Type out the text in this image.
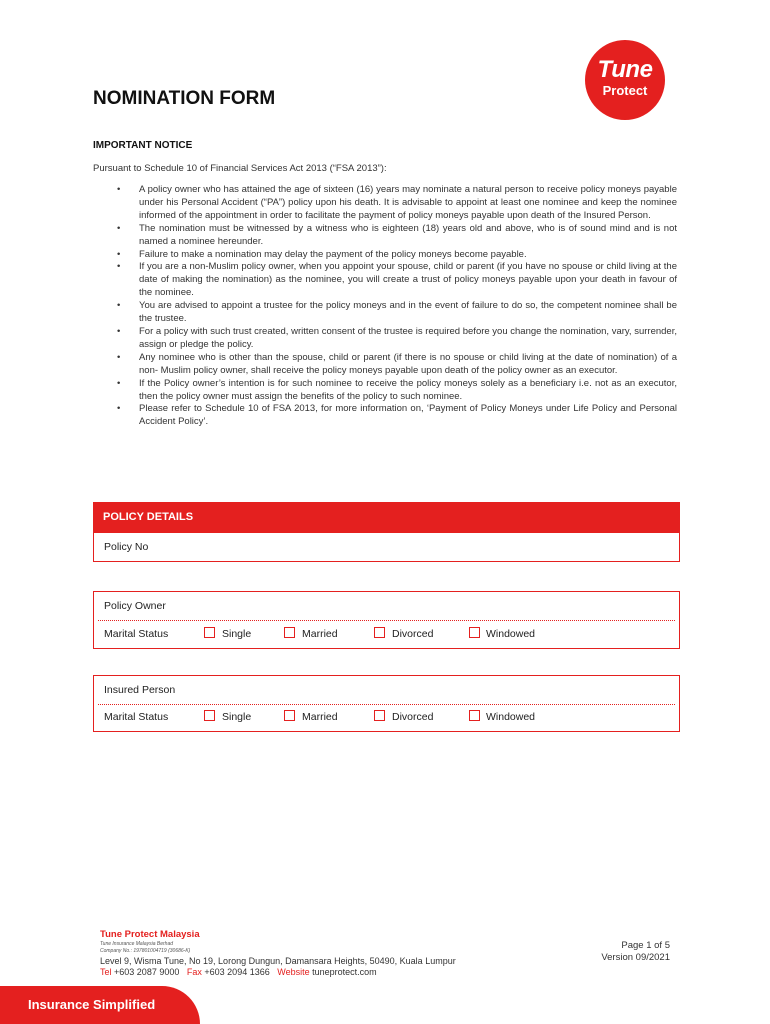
Tune
Protect
NOMINATION FORM
IMPORTANT NOTICE
Pursuant to Schedule 10 of Financial Services Act 2013 (“FSA 2013”):
• A policy owner who has attained the age of sixteen (16) years may nominate a natural person to receive policy moneys payable under his Personal Accident (“PA”) policy upon his death. It is advisable to appoint at least one nominee and keep the nominee informed of the appointment in order to facilitate the payment of policy moneys payable upon death of the Insured Person.
• The nomination must be witnessed by a witness who is eighteen (18) years old and above, who is of sound mind and is not named a nominee hereunder.
• Failure to make a nomination may delay the payment of the policy moneys become payable.
• If you are a non-Muslim policy owner, when you appoint your spouse, child or parent (if you have no spouse or child living at the date of making the nomination) as the nominee, you will create a trust of policy moneys payable upon your death in favour of the nominee.
• You are advised to appoint a trustee for the policy moneys and in the event of failure to do so, the competent nominee shall be the trustee.
• For a policy with such trust created, written consent of the trustee is required before you change the nomination, vary, surrender, assign or pledge the policy.
• Any nominee who is other than the spouse, child or parent (if there is no spouse or child living at the date of nomination) of a non- Muslim policy owner, shall receive the policy moneys payable upon death of the policy owner as an executor.
• If the Policy owner’s intention is for such nominee to receive the policy moneys solely as a beneficiary i.e. not as an executor, then the policy owner must assign the benefits of the policy to such nominee.
• Please refer to Schedule 10 of FSA 2013, for more information on, ‘Payment of Policy Moneys under Life Policy and Personal Accident Policy’.
POLICY DETAILS
Policy No
Policy Owner
Marital Status	Single	Married	Divorced	Windowed
Insured Person
Marital Status	Single	Married	Divorced	Windowed
Tune Protect Malaysia
Tune Insurance Malaysia Berhad
Company No.: 197801004719 (30686-K)
Level 9, Wisma Tune, No 19, Lorong Dungun, Damansara Heights, 50490, Kuala Lumpur
Tel +603 2087 9000 Fax +603 2094 1366 Website tuneprotect.com
Page 1 of 5
Version 09/2021
Insurance Simplified
